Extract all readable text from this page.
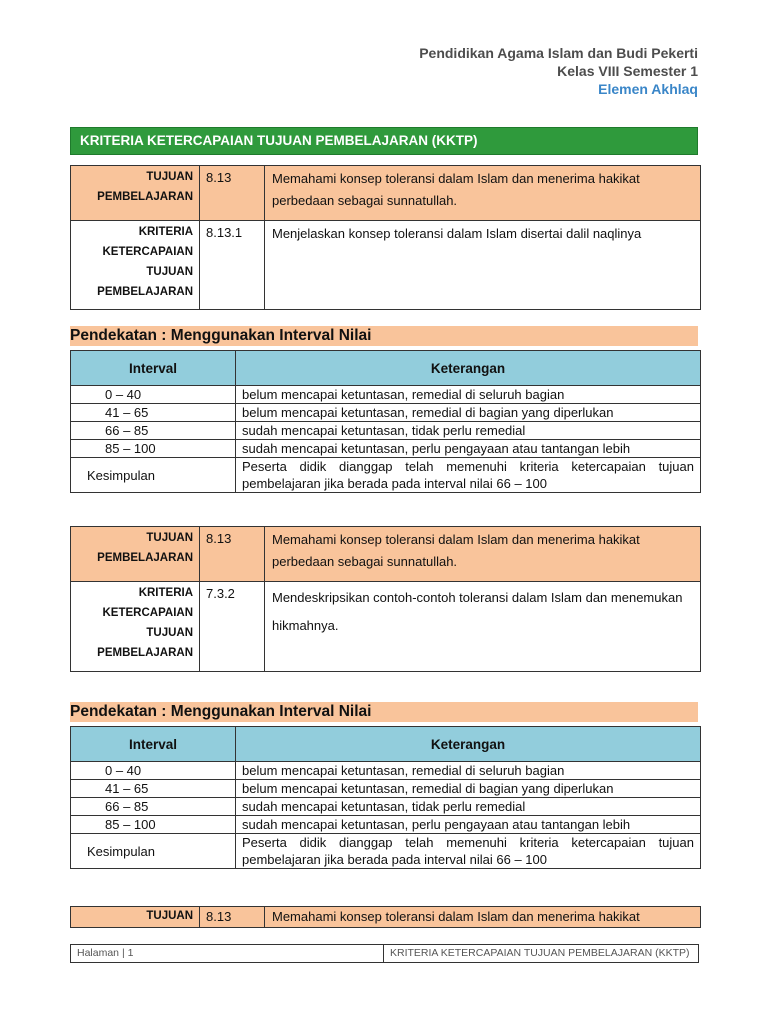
Pendidikan Agama Islam dan Budi Pekerti
Kelas VIII Semester 1
Elemen Akhlaq
KRITERIA KETERCAPAIAN TUJUAN PEMBELAJARAN (KKTP)
TUJUAN
PEMBELAJARAN	8.13	Memahami konsep toleransi dalam Islam dan menerima hakikat perbedaan sebagai sunnatullah.

KRITERIA
KETERCAPAIAN
TUJUAN
PEMBELAJARAN	8.13.1	Menjelaskan konsep toleransi dalam Islam disertai dalil naqlinya
Pendekatan : Menggunakan Interval Nilai
Interval	Keterangan
0 – 40	belum mencapai ketuntasan, remedial di seluruh bagian
41 – 65	belum mencapai ketuntasan, remedial di bagian yang diperlukan
66 – 85	sudah mencapai ketuntasan, tidak perlu remedial
85 – 100	sudah mencapai ketuntasan, perlu pengayaan atau tantangan lebih
Kesimpulan	Peserta didik dianggap telah memenuhi kriteria ketercapaian tujuan pembelajaran jika berada pada interval nilai 66 – 100
TUJUAN
PEMBELAJARAN	8.13	Memahami konsep toleransi dalam Islam dan menerima hakikat perbedaan sebagai sunnatullah.

KRITERIA
KETERCAPAIAN
TUJUAN
PEMBELAJARAN	7.3.2	Mendeskripsikan contoh-contoh toleransi dalam Islam dan menemukan hikmahnya.
Pendekatan : Menggunakan Interval Nilai
Interval	Keterangan
0 – 40	belum mencapai ketuntasan, remedial di seluruh bagian
41 – 65	belum mencapai ketuntasan, remedial di bagian yang diperlukan
66 – 85	sudah mencapai ketuntasan, tidak perlu remedial
85 – 100	sudah mencapai ketuntasan, perlu pengayaan atau tantangan lebih
Kesimpulan	Peserta didik dianggap telah memenuhi kriteria ketercapaian tujuan pembelajaran jika berada pada interval nilai 66 – 100
TUJUAN	8.13	Memahami konsep toleransi dalam Islam dan menerima hakikat
Halaman | 1	KRITERIA KETERCAPAIAN TUJUAN PEMBELAJARAN (KKTP)
